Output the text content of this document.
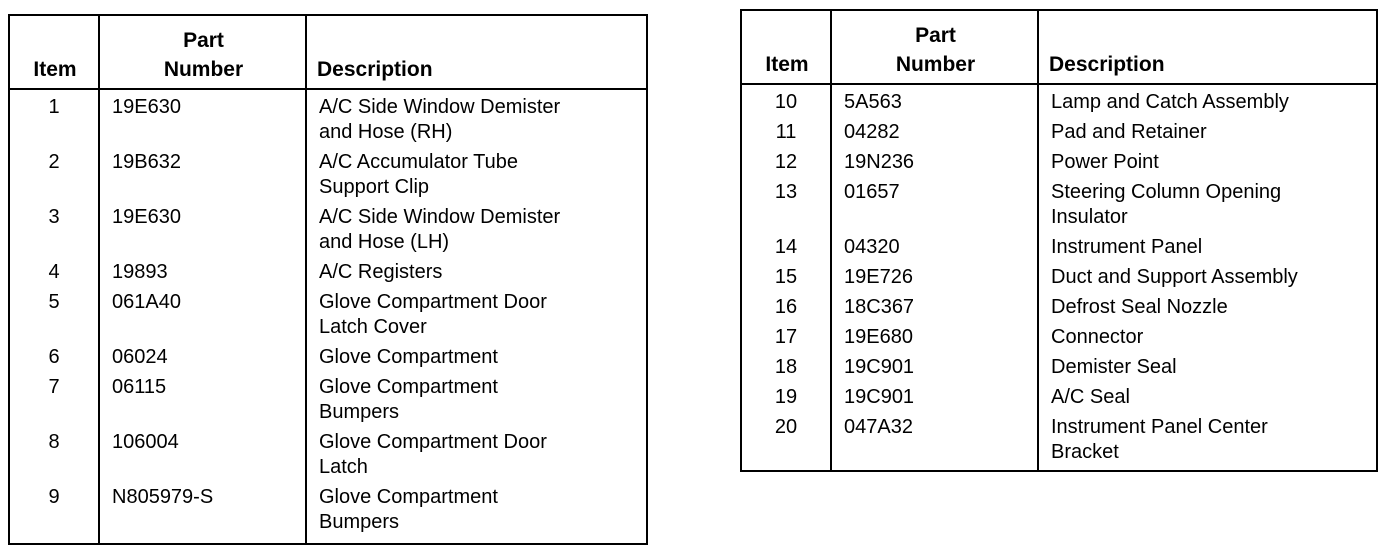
Item	Part
Number	Description
1	19E630	A/C Side Window Demister
and Hose (RH)
2	19B632	A/C Accumulator Tube
Support Clip
3	19E630	A/C Side Window Demister
and Hose (LH)
4	19893	A/C Registers
5	061A40	Glove Compartment Door
Latch Cover
6	06024	Glove Compartment
7	06115	Glove Compartment
Bumpers
8	106004	Glove Compartment Door
Latch
9	N805979-S	Glove Compartment
Bumpers
Item	Part
Number	Description
10	5A563	Lamp and Catch Assembly
11	04282	Pad and Retainer
12	19N236	Power Point
13	01657	Steering Column Opening
Insulator
14	04320	Instrument Panel
15	19E726	Duct and Support Assembly
16	18C367	Defrost Seal Nozzle
17	19E680	Connector
18	19C901	Demister Seal
19	19C901	A/C Seal
20	047A32	Instrument Panel Center
Bracket
